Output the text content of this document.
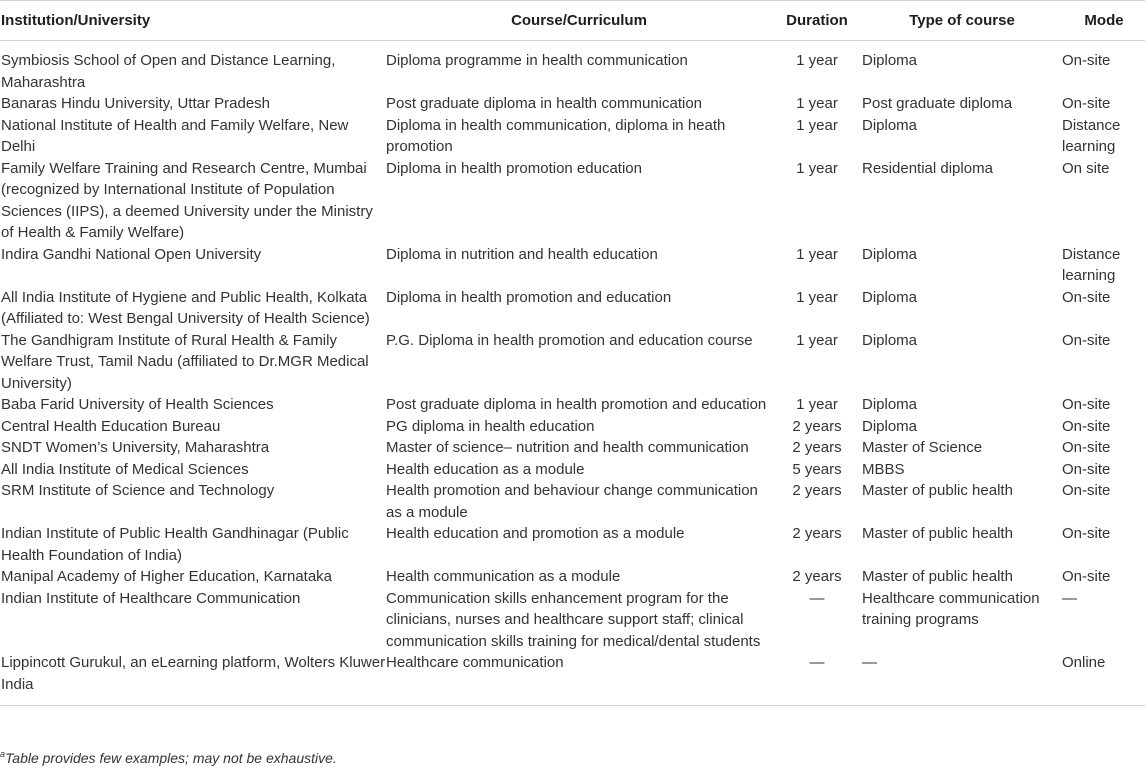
Institution/University	Course/Curriculum	Duration	Type of course	Mode
Symbiosis School of Open and Distance Learning, Maharashtra	Diploma programme in health communication	1 year	Diploma	On-site
Banaras Hindu University, Uttar Pradesh	Post graduate diploma in health communication	1 year	Post graduate diploma	On-site
National Institute of Health and Family Welfare, New Delhi	Diploma in health communication, diploma in heath promotion	1 year	Diploma	Distance learning
Family Welfare Training and Research Centre, Mumbai (recognized by International Institute of Population Sciences (IIPS), a deemed University under the Ministry of Health & Family Welfare)	Diploma in health promotion education	1 year	Residential diploma	On site
Indira Gandhi National Open University	Diploma in nutrition and health education	1 year	Diploma	Distance learning
All India Institute of Hygiene and Public Health, Kolkata (Affiliated to: West Bengal University of Health Science)	Diploma in health promotion and education	1 year	Diploma	On-site
The Gandhigram Institute of Rural Health & Family Welfare Trust, Tamil Nadu (affiliated to Dr.MGR Medical University)	P.G. Diploma in health promotion and education course	1 year	Diploma	On-site
Baba Farid University of Health Sciences	Post graduate diploma in health promotion and education	1 year	Diploma	On-site
Central Health Education Bureau	PG diploma in health education	2 years	Diploma	On-site
SNDT Women’s University, Maharashtra	Master of science– nutrition and health communication	2 years	Master of Science	On-site
All India Institute of Medical Sciences	Health education as a module	5 years	MBBS	On-site
SRM Institute of Science and Technology	Health promotion and behaviour change communication as a module	2 years	Master of public health	On-site
Indian Institute of Public Health Gandhinagar (Public Health Foundation of India)	Health education and promotion as a module	2 years	Master of public health	On-site
Manipal Academy of Higher Education, Karnataka	Health communication as a module	2 years	Master of public health	On-site
Indian Institute of Healthcare Communication	Communication skills enhancement program for the clinicians, nurses and healthcare support staff; clinical communication skills training for medical/dental students	—	Healthcare communication training programs	—
Lippincott Gurukul, an eLearning platform, Wolters Kluwer India	Healthcare communication	—	—	Online
$^a$Table provides few examples; may not be exhaustive.
